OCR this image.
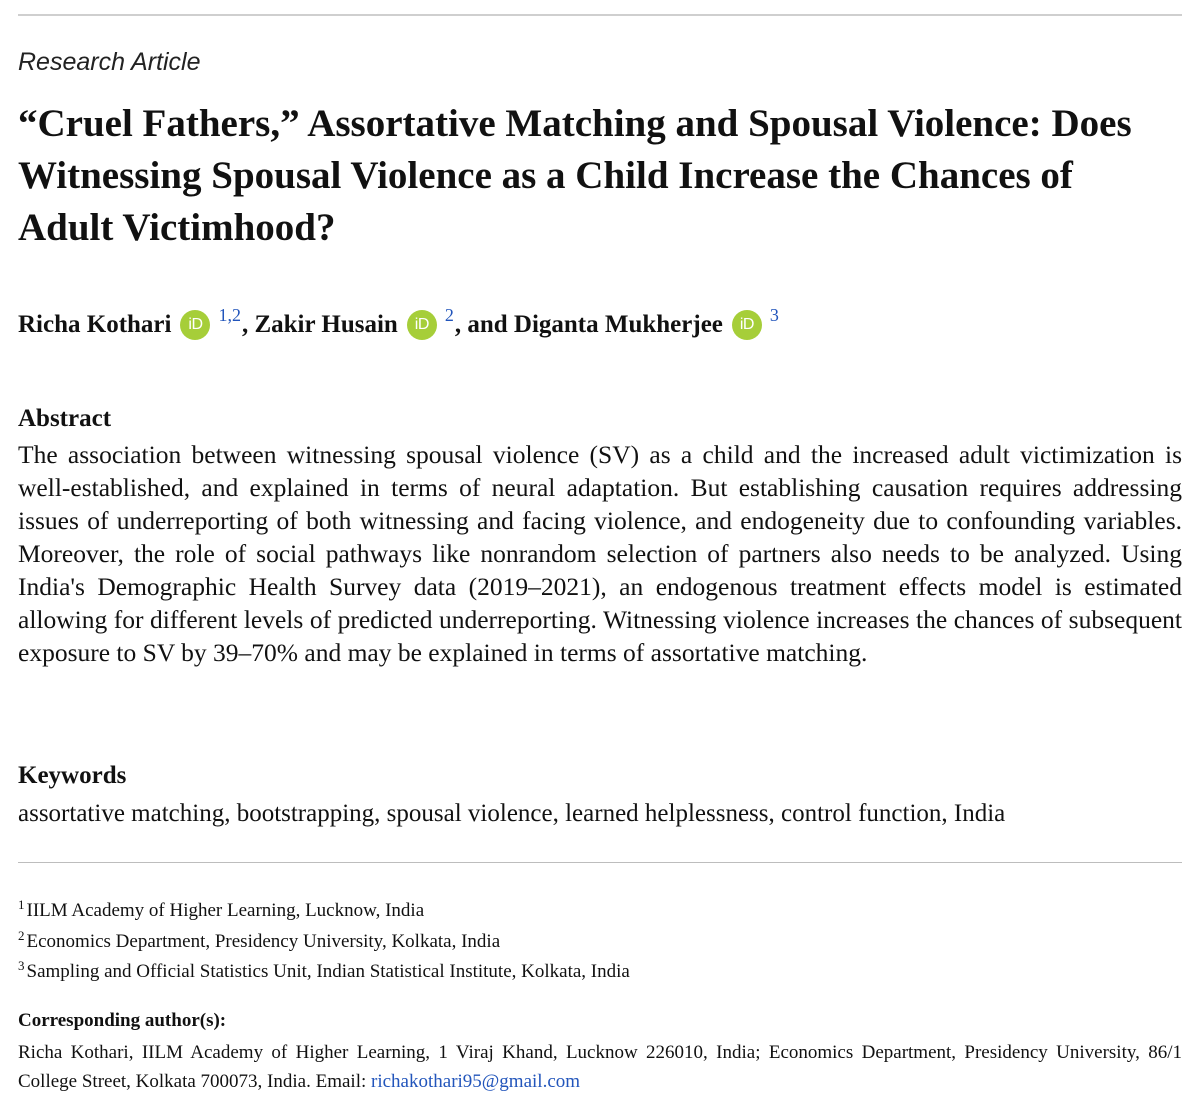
Research Article
“Cruel Fathers,” Assortative Matching and Spousal Violence: Does Witnessing Spousal Violence as a Child Increase the Chances of Adult Victimhood?
Richa Kothari	iD 1,2 , Zakir Husain	iD 2 , and Diganta Mukherjee	iD 3
Abstract

The association between witnessing spousal violence (SV) as a child and the increased adult victimization is well-established, and explained in terms of neural adaptation. But establishing causation requires addressing issues of underreporting of both witnessing and facing violence, and endogeneity due to confounding variables. Moreover, the role of social pathways like nonrandom selection of partners also needs to be analyzed. Using India's Demographic Health Survey data (2019–2021), an endogenous treatment effects model is estimated allowing for different levels of predicted underreporting. Witnessing violence increases the chances of subsequent exposure to SV by 39–70% and may be explained in terms of assortative matching.

Keywords
assortative matching, bootstrapping, spousal violence, learned helplessness, control function, India
$^1$ IILM Academy of Higher Learning, Lucknow, India
$^2$ Economics Department, Presidency University, Kolkata, India
$^3$ Sampling and Official Statistics Unit, Indian Statistical Institute, Kolkata, India
Corresponding author(s):

Richa Kothari, IILM Academy of Higher Learning, 1 Viraj Khand, Lucknow 226010, India; Economics Department, Presidency University, 86/1 College Street, Kolkata 700073, India. Email: richakothari95@gmail.com
